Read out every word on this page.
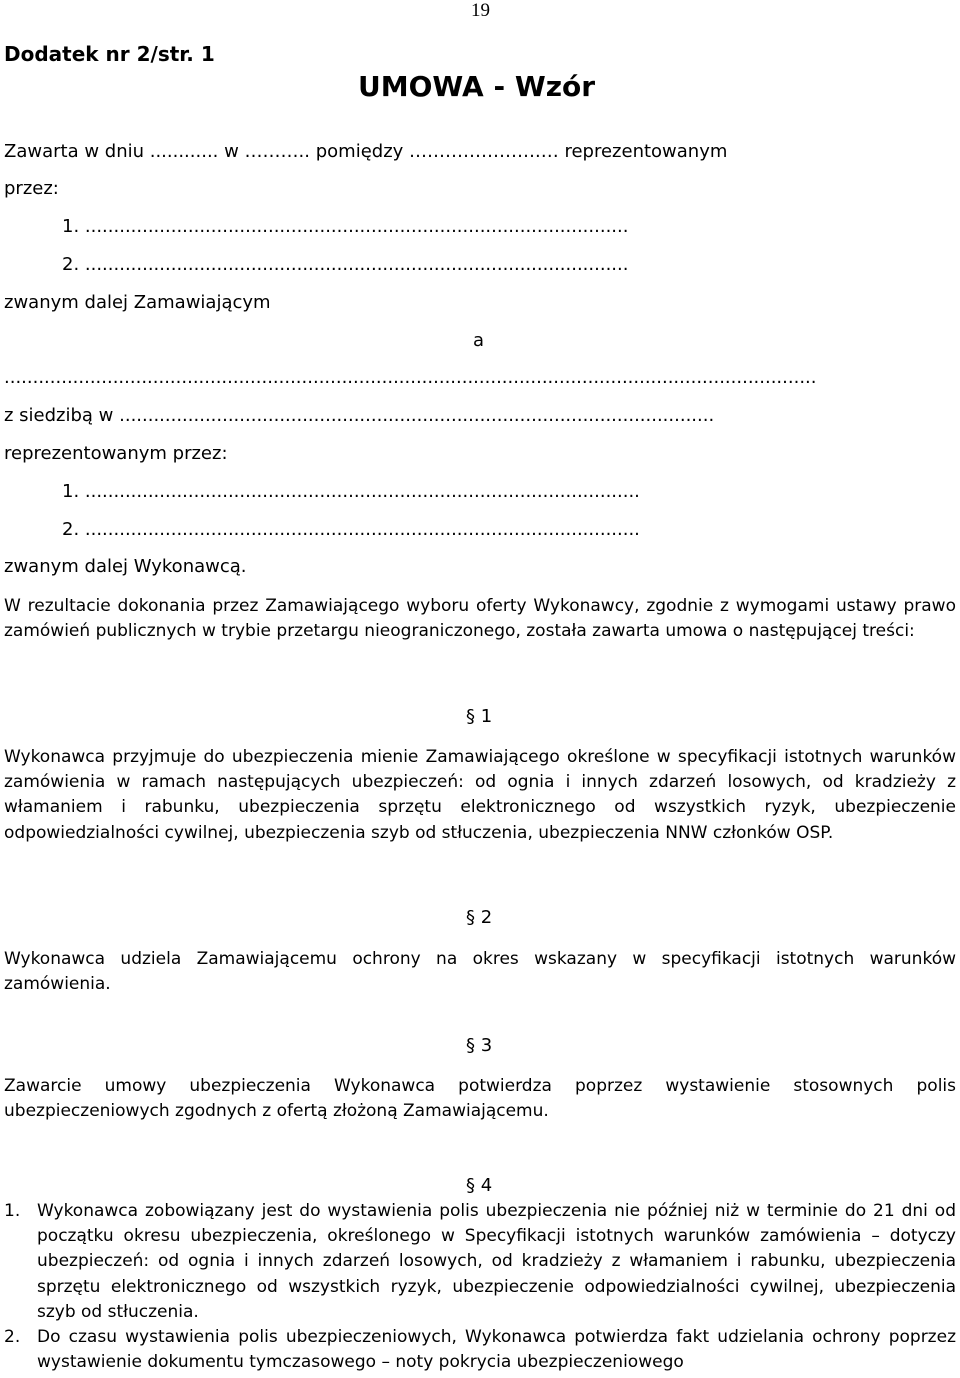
19
Dodatek nr 2/str. 1
UMOWA - Wzór
Zawarta w dniu ............ w ……….. pomiędzy ………………….… reprezentowanym
przez:
1. ...............................................................................................
2. ...............................................................................................
zwanym dalej Zamawiającym
a
..............................................................................................................................................
z siedzibą w ........................................................................................................
reprezentowanym przez:
1. .................................................................................................
2. .................................................................................................
zwanym dalej Wykonawcą.
W rezultacie dokonania przez Zamawiającego wyboru oferty Wykonawcy, zgodnie z wymogami ustawy prawo zamówień publicznych w trybie przetargu nieograniczonego, została zawarta umowa o następującej treści:
§ 1
Wykonawca przyjmuje do ubezpieczenia mienie Zamawiającego określone w specyfikacji istotnych warunków zamówienia w ramach następujących ubezpieczeń: od ognia i innych zdarzeń losowych, od kradzieży z włamaniem i rabunku, ubezpieczenia sprzętu elektronicznego od wszystkich ryzyk, ubezpieczenie odpowiedzialności cywilnej, ubezpieczenia szyb od stłuczenia, ubezpieczenia NNW członków OSP.
§ 2
Wykonawca udziela Zamawiającemu ochrony na okres wskazany w specyfikacji istotnych warunków zamówienia.
§ 3
Zawarcie umowy ubezpieczenia Wykonawca potwierdza poprzez wystawienie stosownych polis ubezpieczeniowych zgodnych z ofertą złożoną Zamawiającemu.
§ 4
1. Wykonawca zobowiązany jest do wystawienia polis ubezpieczenia nie później niż w terminie do 21 dni od początku okresu ubezpieczenia, określonego w Specyfikacji istotnych warunków zamówienia – dotyczy ubezpieczeń: od ognia i innych zdarzeń losowych, od kradzieży z włamaniem i rabunku, ubezpieczenia sprzętu elektronicznego od wszystkich ryzyk, ubezpieczenie odpowiedzialności cywilnej, ubezpieczenia szyb od stłuczenia.
2. Do czasu wystawienia polis ubezpieczeniowych, Wykonawca potwierdza fakt udzielania ochrony poprzez wystawienie dokumentu tymczasowego – noty pokrycia ubezpieczeniowego
